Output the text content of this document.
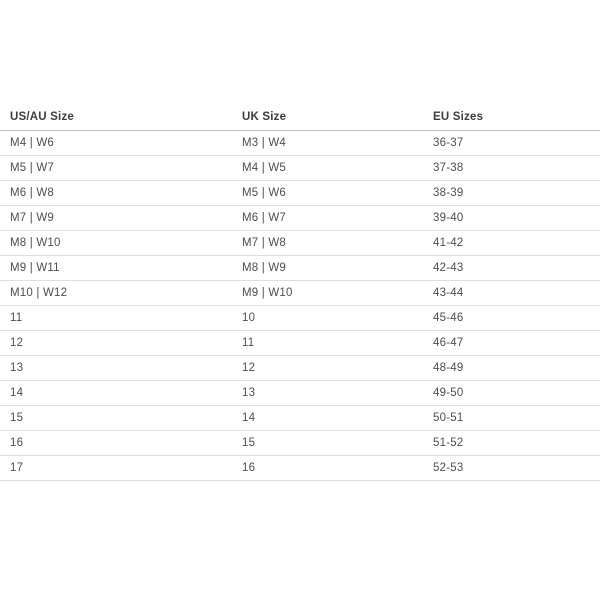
US/AU Size	UK Size	EU Sizes
M4 | W6	M3 | W4	36-37
M5 | W7	M4 | W5	37-38
M6 | W8	M5 | W6	38-39
M7 | W9	M6 | W7	39-40
M8 | W10	M7 | W8	41-42
M9 | W11	M8 | W9	42-43
M10 | W12	M9 | W10	43-44
11	10	45-46
12	11	46-47
13	12	48-49
14	13	49-50
15	14	50-51
16	15	51-52
17	16	52-53
